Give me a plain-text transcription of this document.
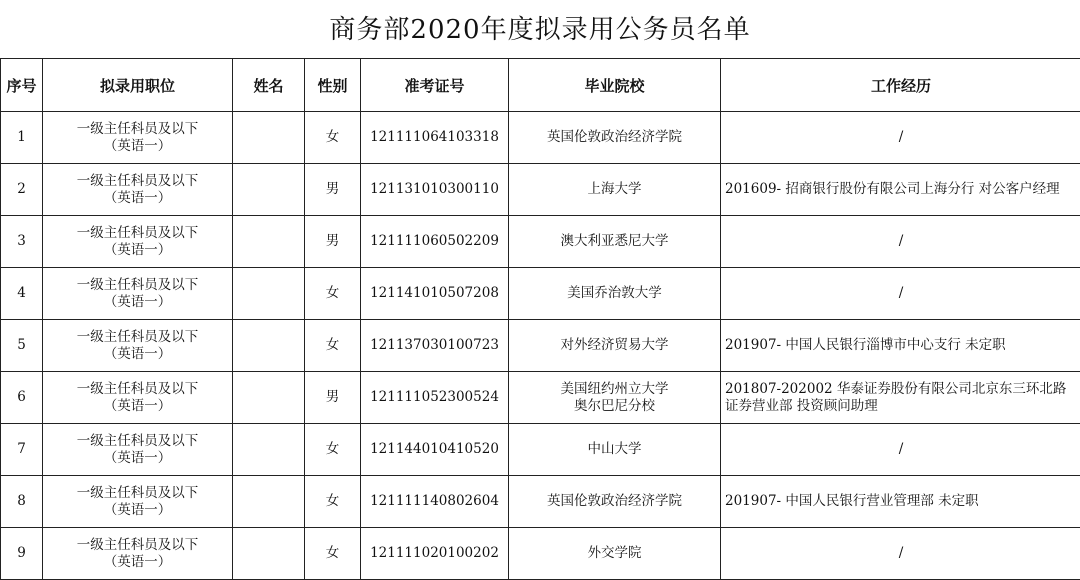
商务部2020年度拟录用公务员名单
序号	拟录用职位	姓名	性别	准考证号	毕业院校	工作经历
1	一级主任科员及以下
（英语一）		女	121111064103318	英国伦敦政治经济学院	/
2	一级主任科员及以下
（英语一）		男	121131010300110	上海大学	201609- 招商银行股份有限公司上海分行 对公客户经理
3	一级主任科员及以下
（英语一）		男	121111060502209	澳大利亚悉尼大学	/
4	一级主任科员及以下
（英语一）		女	121141010507208	美国乔治敦大学	/
5	一级主任科员及以下
（英语一）		女	121137030100723	对外经济贸易大学	201907- 中国人民银行淄博市中心支行 未定职
6	一级主任科员及以下
（英语一）		男	121111052300524	美国纽约州立大学
奥尔巴尼分校	201807-202002 华泰证券股份有限公司北京东三环北路证券营业部 投资顾问助理
7	一级主任科员及以下
（英语一）		女	121144010410520	中山大学	/
8	一级主任科员及以下
（英语一）		女	121111140802604	英国伦敦政治经济学院	201907- 中国人民银行营业管理部 未定职
9	一级主任科员及以下
（英语一）		女	121111020100202	外交学院	/
